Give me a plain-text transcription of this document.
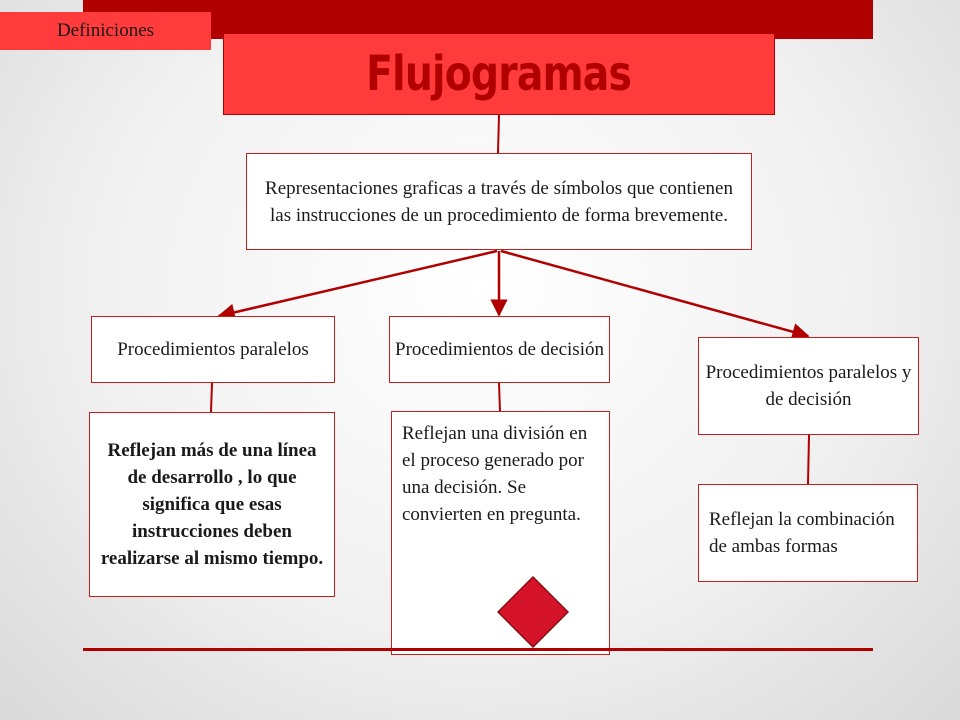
Definiciones
Flujogramas
Representaciones graficas a través de símbolos que contienen las instrucciones de un procedimiento de forma brevemente.
Procedimientos paralelos	Procedimientos de decisión
Procedimientos paralelos y de decisión
Reflejan más de una línea de desarrollo , lo que significa que esas instrucciones deben realizarse al mismo tiempo.
Reflejan una división en el proceso generado por una decisión. Se convierten en pregunta.	Reflejan la combinación de ambas formas
